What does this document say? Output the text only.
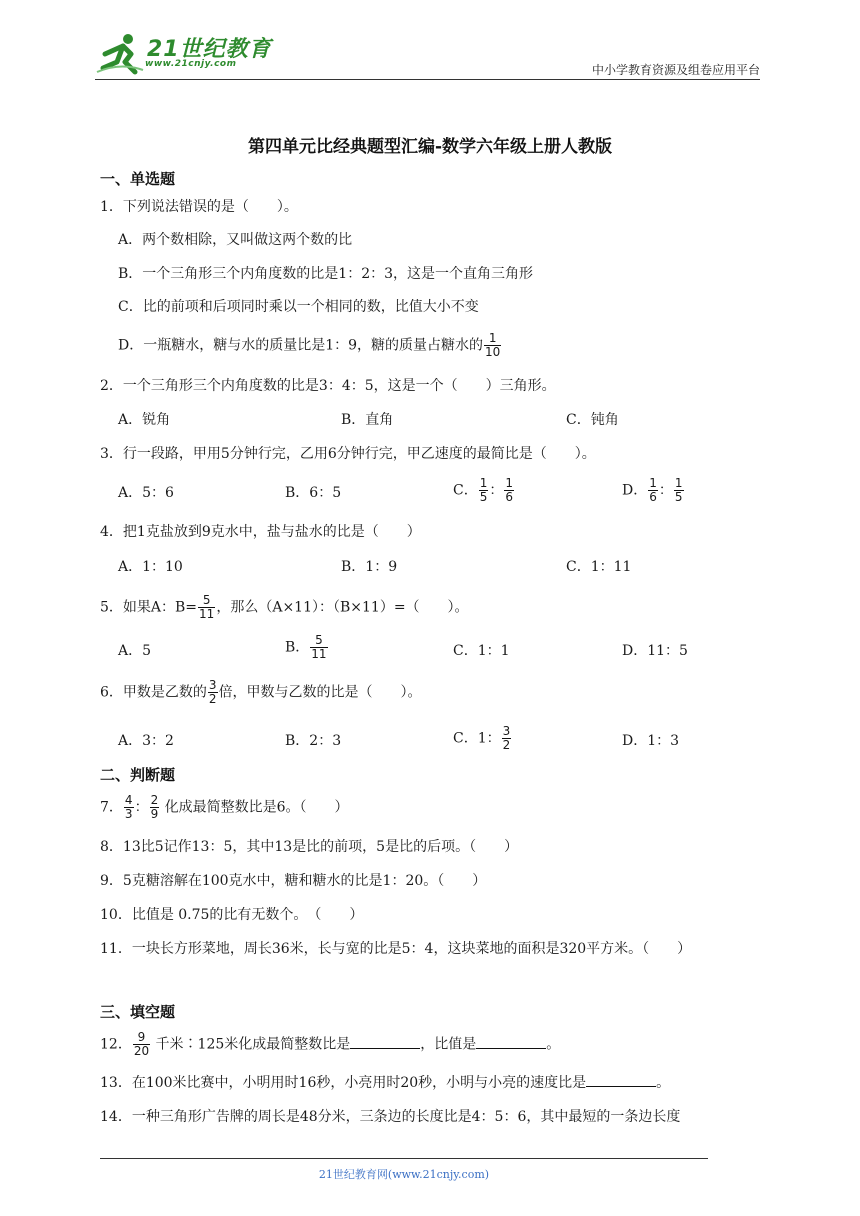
21世纪教育
www.21cnjy.com	中小学教育资源及组卷应用平台
第四单元比经典题型汇编-数学六年级上册人教版
一、单选题
1．下列说法错误的是（　　）。
A．两个数相除，又叫做这两个数的比
B．一个三角形三个内角度数的比是1：2：3，这是一个直角三角形
C．比的前项和后项同时乘以一个相同的数，比值大小不变
D．一瓶糖水，糖与水的质量比是1：9，糖的质量占糖水的 $\frac{1}{10}$
2．一个三角形三个内角度数的比是3：4：5，这是一个（　　）三角形。
A．锐角	B．直角	C．钝角
3．行一段路，甲用5分钟行完，乙用6分钟行完，甲乙速度的最简比是（　　）。
A．5：6	B．6：5	C． $\frac{1}{5}$ ： $\frac{1}{6}$	D． $\frac{1}{6}$ ： $\frac{1}{5}$
4．把1克盐放到9克水中，盐与盐水的比是（　　）
A．1：10	B．1：9	C．1：11
5．如果A：$B= \frac{5}{11}$ ，那么（A×11）：（B×11）=（　　）。
A．5	B． $\frac{5}{11}$	C．1：1	D．11：5
6．甲数是乙数的 $\frac{3}{2}$ 倍，甲数与乙数的比是（　　）。
A．3：2	B．2：3	C．1： $\frac{3}{2}$	D．1：3
二、判断题
7． $\frac{4}{3}$ ： $\frac{2}{9}$ 化成最简整数比是6。（　　）
8．13比5记作13：5，其中13是比的前项，5是比的后项。（　　）
9．5克糖溶解在100克水中，糖和糖水的比是1：20。（　　）
10．比值是 0.75的比有无数个。　（　　）
11．一块长方形菜地，周长36米，长与宽的比是5：4，这块菜地的面积是320平方米。（　　）
三、填空题
12． $\frac{9}{20}$ 千米∶125米化成最简整数比是	，比值是	。
13．在100米比赛中，小明用时16秒，小亮用时20秒，小明与小亮的速度比是	。
14．一种三角形广告牌的周长是48分米，三条边的长度比是4：5：6，其中最短的一条边长度
21世纪教育网(www.21cnjy.com)
